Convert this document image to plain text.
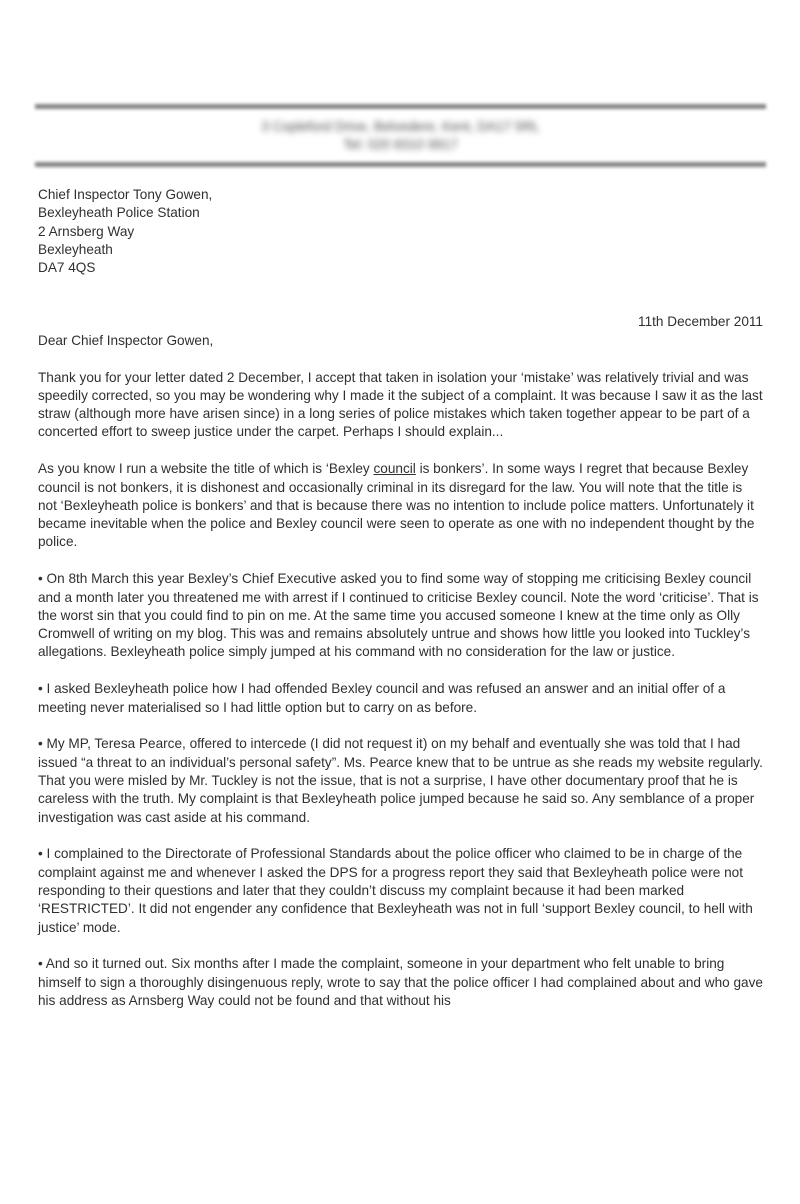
3 Copleford Drive, Belvedere, Kent, DA17 5RL
Tel: 020 8310 9917
Chief Inspector Tony Gowen,
Bexleyheath Police Station
2 Arnsberg Way
Bexleyheath
DA7 4QS
11th December 2011

Dear Chief Inspector Gowen,

Thank you for your letter dated 2 December, I accept that taken in isolation your ‘mistake’ was relatively trivial and was speedily corrected, so you may be wondering why I made it the subject of a complaint. It was because I saw it as the last straw (although more have arisen since) in a long series of police mistakes which taken together appear to be part of a concerted effort to sweep justice under the carpet. Perhaps I should explain...

As you know I run a website the title of which is ‘Bexley council is bonkers’. In some ways I regret that because Bexley council is not bonkers, it is dishonest and occasionally criminal in its disregard for the law. You will note that the title is not ‘Bexleyheath police is bonkers’ and that is because there was no intention to include police matters. Unfortunately it became inevitable when the police and Bexley council were seen to operate as one with no independent thought by the police.

• On 8th March this year Bexley’s Chief Executive asked you to find some way of stopping me criticising Bexley council and a month later you threatened me with arrest if I continued to criticise Bexley council. Note the word ‘criticise’. That is the worst sin that you could find to pin on me. At the same time you accused someone I knew at the time only as Olly Cromwell of writing on my blog. This was and remains absolutely untrue and shows how little you looked into Tuckley’s allegations. Bexleyheath police simply jumped at his command with no consideration for the law or justice.

• I asked Bexleyheath police how I had offended Bexley council and was refused an answer and an initial offer of a meeting never materialised so I had little option but to carry on as before.

• My MP, Teresa Pearce, offered to intercede (I did not request it) on my behalf and eventually she was told that I had issued “a threat to an individual’s personal safety”. Ms. Pearce knew that to be untrue as she reads my website regularly. That you were misled by Mr. Tuckley is not the issue, that is not a surprise, I have other documentary proof that he is careless with the truth. My complaint is that Bexleyheath police jumped because he said so. Any semblance of a proper investigation was cast aside at his command.

• I complained to the Directorate of Professional Standards about the police officer who claimed to be in charge of the complaint against me and whenever I asked the DPS for a progress report they said that Bexleyheath police were not responding to their questions and later that they couldn’t discuss my complaint because it had been marked ‘RESTRICTED’. It did not engender any confidence that Bexleyheath was not in full ‘support Bexley council, to hell with justice’ mode.

• And so it turned out. Six months after I made the complaint, someone in your department who felt unable to bring himself to sign a thoroughly disingenuous reply, wrote to say that the police officer I had complained about and who gave his address as Arnsberg Way could not be found and that without his
